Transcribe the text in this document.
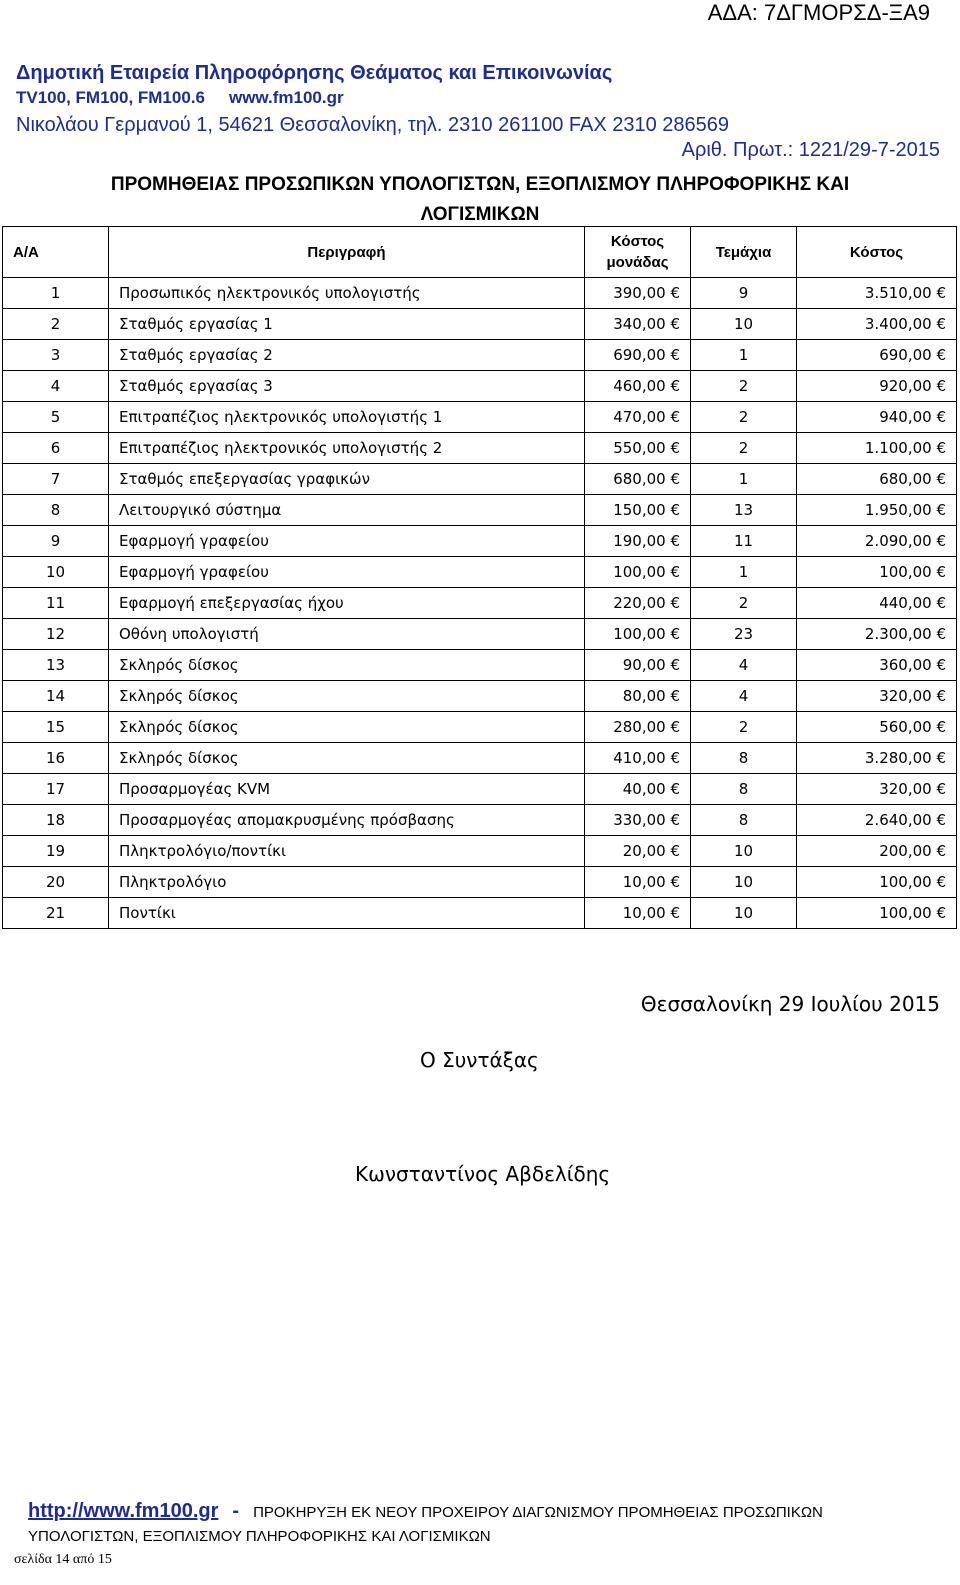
ΑΔΑ: 7ΔΓΜΟΡΣΔ-ΞΑ9
Δημοτική Εταιρεία Πληροφόρησης Θεάματος και Επικοινωνίας
TV100, FM100, FM100.6 www.fm100.gr
Νικολάου Γερμανού 1, 54621 Θεσσαλονίκη, τηλ. 2310 261100 FAX 2310 286569
Αριθ. Πρωτ.: 1221/29-7-2015
ΠΡΟΜΗΘΕΙΑΣ ΠΡΟΣΩΠΙΚΩΝ ΥΠΟΛΟΓΙΣΤΩΝ, ΕΞΟΠΛΙΣΜΟΥ ΠΛΗΡΟΦΟΡΙΚΗΣ ΚΑΙ
ΛΟΓΙΣΜΙΚΩΝ
Α/Α	Περιγραφή	Κόστος μονάδας	Τεμάχια	Κόστος
1	Προσωπικός ηλεκτρονικός υπολογιστής	390,00 €	9	3.510,00 €
2	Σταθμός εργασίας 1	340,00 €	10	3.400,00 €
3	Σταθμός εργασίας 2	690,00 €	1	690,00 €
4	Σταθμός εργασίας 3	460,00 €	2	920,00 €
5	Επιτραπέζιος ηλεκτρονικός υπολογιστής 1	470,00 €	2	940,00 €
6	Επιτραπέζιος ηλεκτρονικός υπολογιστής 2	550,00 €	2	1.100,00 €
7	Σταθμός επεξεργασίας γραφικών	680,00 €	1	680,00 €
8	Λειτουργικό σύστημα	150,00 €	13	1.950,00 €
9	Εφαρμογή γραφείου	190,00 €	11	2.090,00 €
10	Εφαρμογή γραφείου	100,00 €	1	100,00 €
11	Εφαρμογή επεξεργασίας ήχου	220,00 €	2	440,00 €
12	Οθόνη υπολογιστή	100,00 €	23	2.300,00 €
13	Σκληρός δίσκος	90,00 €	4	360,00 €
14	Σκληρός δίσκος	80,00 €	4	320,00 €
15	Σκληρός δίσκος	280,00 €	2	560,00 €
16	Σκληρός δίσκος	410,00 €	8	3.280,00 €
17	Προσαρμογέας KVM	40,00 €	8	320,00 €
18	Προσαρμογέας απομακρυσμένης πρόσβασης	330,00 €	8	2.640,00 €
19	Πληκτρολόγιο/ποντίκι	20,00 €	10	200,00 €
20	Πληκτρολόγιο	10,00 €	10	100,00 €
21	Ποντίκι	10,00 €	10	100,00 €
Θεσσαλονίκη 29 Ιουλίου 2015
Ο Συντάξας
Κωνσταντίνος Αβδελίδης
http://www.fm100.gr - ΠΡΟΚΗΡΥΞΗ ΕΚ ΝΕΟΥ ΠΡΟΧΕΙΡΟΥ ΔΙΑΓΩΝΙΣΜΟΥ ΠΡΟΜΗΘΕΙΑΣ ΠΡΟΣΩΠΙΚΩΝ
ΥΠΟΛΟΓΙΣΤΩΝ, ΕΞΟΠΛΙΣΜΟΥ ΠΛΗΡΟΦΟΡΙΚΗΣ ΚΑΙ ΛΟΓΙΣΜΙΚΩΝ
σελίδα 14 από 15
